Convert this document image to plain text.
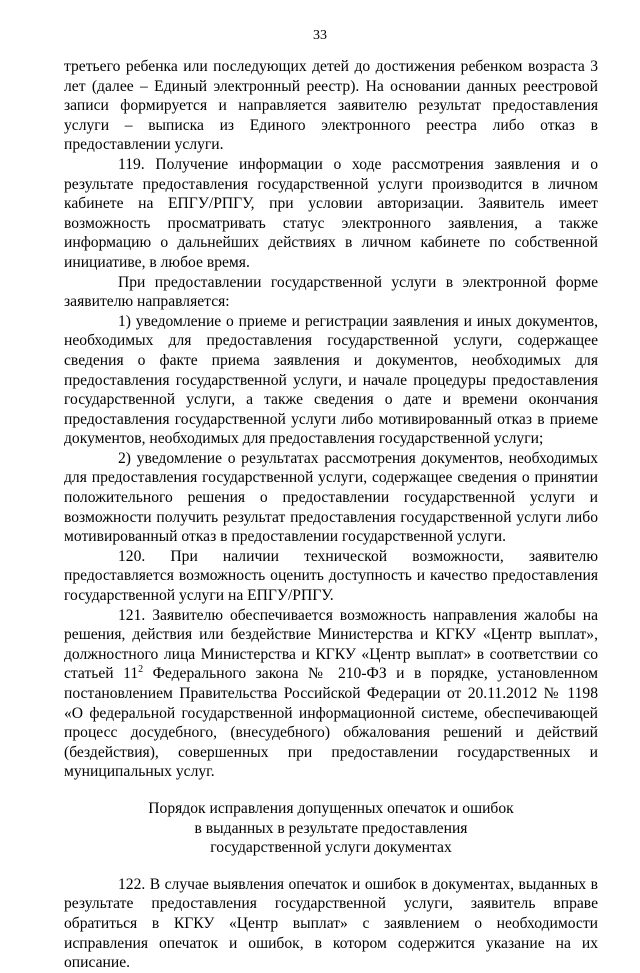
33

третьего ребенка или последующих детей до достижения ребенком возраста 3 лет (далее – Единый электронный реестр). На основании данных реестровой записи формируется и направляется заявителю результат предоставления услуги – выписка из Единого электронного реестра либо отказ в предоставлении услуги.

119. Получение информации о ходе рассмотрения заявления и о результате предоставления государственной услуги производится в личном кабинете на ЕПГУ/РПГУ, при условии авторизации. Заявитель имеет возможность просматривать статус электронного заявления, а также информацию о дальнейших действиях в личном кабинете по собственной инициативе, в любое время.

При предоставлении государственной услуги в электронной форме заявителю направляется:

1) уведомление о приеме и регистрации заявления и иных документов, необходимых для предоставления государственной услуги, содержащее сведения о факте приема заявления и документов, необходимых для предоставления государственной услуги, и начале процедуры предоставления государственной услуги, а также сведения о дате и времени окончания предоставления государственной услуги либо мотивированный отказ в приеме документов, необходимых для предоставления государственной услуги;

2) уведомление о результатах рассмотрения документов, необходимых для предоставления государственной услуги, содержащее сведения о принятии положительного решения о предоставлении государственной услуги и возможности получить результат предоставления государственной услуги либо мотивированный отказ в предоставлении государственной услуги.

120. При наличии технической возможности, заявителю предоставляется возможность оценить доступность и качество предоставления государственной услуги на ЕПГУ/РПГУ.

121. Заявителю обеспечивается возможность направления жалобы на решения, действия или бездействие Министерства и КГКУ «Центр выплат», должностного лица Министерства и КГКУ «Центр выплат» в соответствии со статьей $11^2$ Федерального закона № 210-ФЗ и в порядке, установленном постановлением Правительства Российской Федерации от 20.11.2012 № 1198 «О федеральной государственной информационной системе, обеспечивающей процесс досудебного, (внесудебного) обжалования решений и действий (бездействия), совершенных при предоставлении государственных и муниципальных услуг.

Порядок исправления допущенных опечаток и ошибок
в выданных в результате предоставления
государственной услуги документах

122. В случае выявления опечаток и ошибок в документах, выданных в результате предоставления государственной услуги, заявитель вправе обратиться в КГКУ «Центр выплат» с заявлением о необходимости исправления опечаток и ошибок, в котором содержится указание на их описание.
